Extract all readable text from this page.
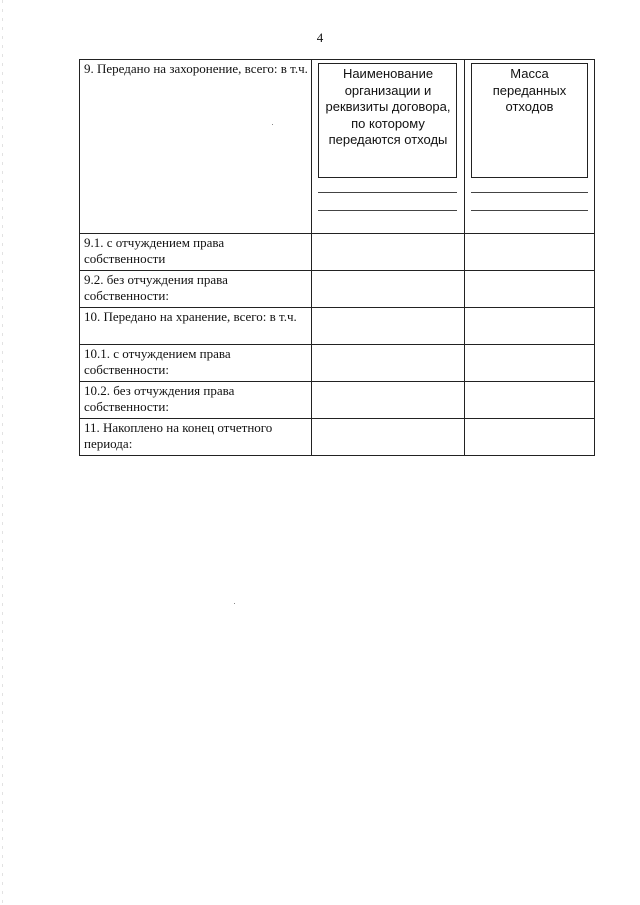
4
9. Передано на захоронение, всего: в т.ч.	Наименование организации и реквизиты договора, по которому передаются отходы	Масса переданных отходов

9.1. с отчуждением права собственности		
9.2. без отчуждения права собственности:		
10. Передано на хранение, всего: в т.ч.		
10.1. с отчуждением права собственности:		
10.2. без отчуждения права собственности:		
11. Накоплено на конец отчетного периода:		
